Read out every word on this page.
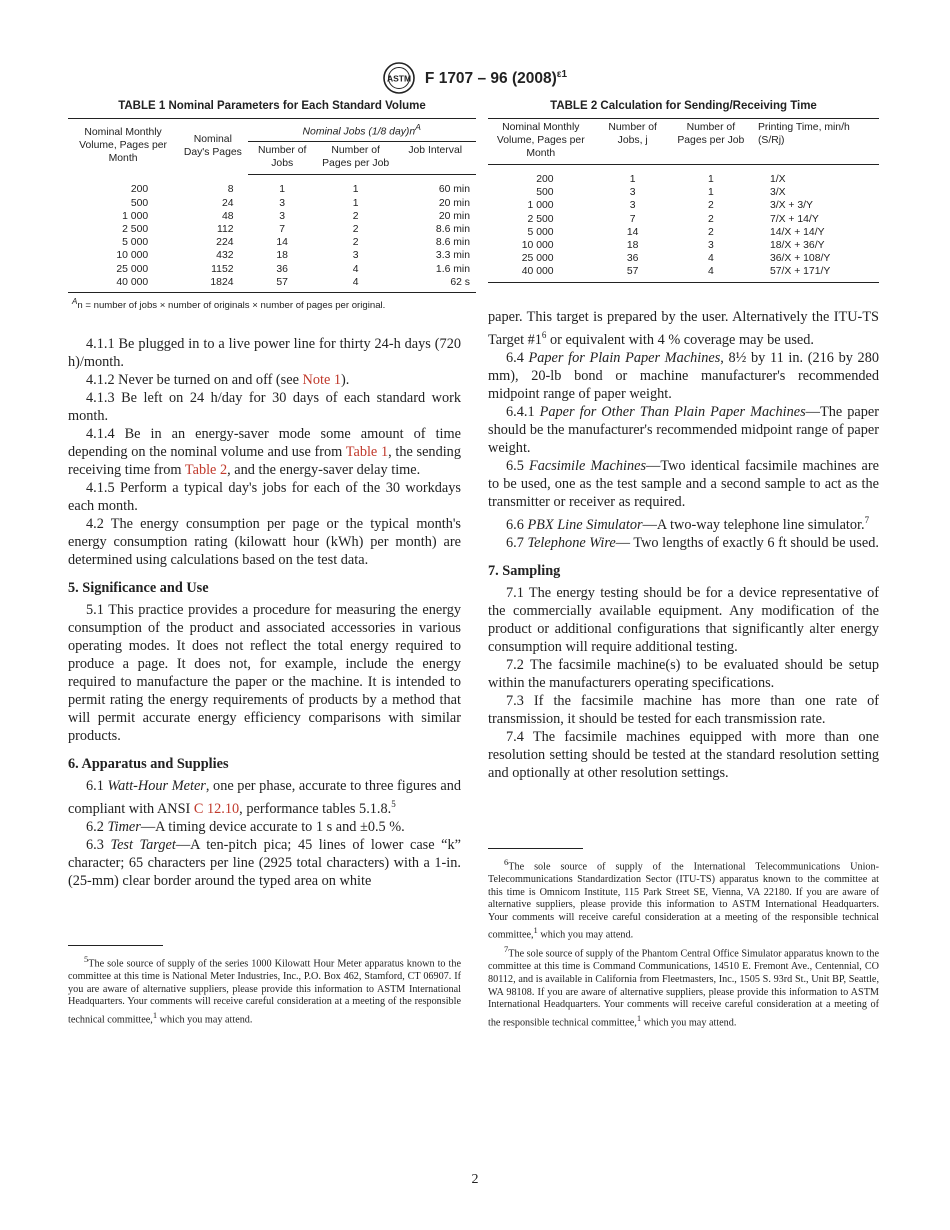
ASTM F 1707 – 96 $(2008)^{\varepsilon 1}$
TABLE 1 Nominal Parameters for Each Standard Volume
Nominal Monthly Volume, Pages per Month	Nominal Day's Pages	Nominal Jobs (1/8 $day)n^A$
		Number of Jobs	Number of Pages per Job	Job Interval
200	8	1	1	60 min
500	24	3	1	20 min
1 000	48	3	2	20 min
2 500	112	7	2	8.6 min
5 000	224	14	2	8.6 min
10 000	432	18	3	3.3 min
25 000	1152	36	4	1.6 min
40 000	1824	57	4	62 s
$^A$n = number of jobs × number of originals × number of pages per original.
TABLE 2 Calculation for Sending/Receiving Time
Nominal Monthly Volume, Pages per Month	Number of Jobs, j	Number of Pages per Job	Printing Time, min/h (S/Rj)
200	1	1	1/X
500	3	1	3/X
1 000	3	2	3/X + 3/Y
2 500	7	2	7/X + 14/Y
5 000	14	2	14/X + 14/Y
10 000	18	3	18/X + 36/Y
25 000	36	4	36/X + 108/Y
40 000	57	4	57/X + 171/Y

4.1.1 Be plugged in to a live power line for thirty 24-h days (720 h)/month.

4.1.2 Never be turned on and off (see Note 1).

4.1.3 Be left on 24 h/day for 30 days of each standard work month.

4.1.4 Be in an energy-saver mode some amount of time depending on the nominal volume and use from Table 1, the sending receiving time from Table 2, and the energy-saver delay time.

4.1.5 Perform a typical day's jobs for each of the 30 workdays each month.

4.2 The energy consumption per page or the typical month's energy consumption rating (kilowatt hour (kWh) per month) are determined using calculations based on the test data.

5. Significance and Use

5.1 This practice provides a procedure for measuring the energy consumption of the product and associated accessories in various operating modes. It does not reflect the total energy required to produce a page. It does not, for example, include the energy required to manufacture the paper or the machine. It is intended to permit rating the energy requirements of products by a method that will permit accurate energy efficiency comparisons with similar products.

6. Apparatus and Supplies

6.1 Watt-Hour Meter, one per phase, accurate to three figures and compliant with ANSI C 12.10, performance tables 5.1.8.$^5$

6.2 Timer—A timing device accurate to 1 s and ±0.5 %.

6.3 Test Target—A ten-pitch pica; 45 lines of lower case “k” character; 65 characters per line (2925 total characters) with a 1-in. (25-mm) clear border around the typed area on white

$^5$The sole source of supply of the series 1000 Kilowatt Hour Meter apparatus known to the committee at this time is National Meter Industries, Inc., P.O. Box 462, Stamford, CT 06907. If you are aware of alternative suppliers, please provide this information to ASTM International Headquarters. Your comments will receive careful consideration at a meeting of the responsible technical committee,$^1$ which you may attend.

paper. This target is prepared by the user. Alternatively the ITU-TS Target $\#1^6$ or equivalent with 4 % coverage may be used.

6.4 Paper for Plain Paper Machines, 8½ by 11 in. (216 by 280 mm), 20-lb bond or machine manufacturer's recommended midpoint range of paper weight.

6.4.1 Paper for Other Than Plain Paper Machines—The paper should be the manufacturer's recommended midpoint range of paper weight.

6.5 Facsimile Machines—Two identical facsimile machines are to be used, one as the test sample and a second sample to act as the transmitter or receiver as required.

6.6 PBX Line Simulator—A two-way telephone line simulator.$^7$

6.7 Telephone Wire— Two lengths of exactly 6 ft should be used.

7. Sampling

7.1 The energy testing should be for a device representative of the commercially available equipment. Any modification of the product or additional configurations that significantly alter energy consumption will require additional testing.

7.2 The facsimile machine(s) to be evaluated should be setup within the manufacturers operating specifications.

7.3 If the facsimile machine has more than one rate of transmission, it should be tested for each transmission rate.

7.4 The facsimile machines equipped with more than one resolution setting should be tested at the standard resolution setting and optionally at other resolution settings.

$^6$The sole source of supply of the International Telecommunications Union-Telecommunications Standardization Sector (ITU-TS) apparatus known to the committee at this time is Omnicom Institute, 115 Park Street SE, Vienna, VA 22180. If you are aware of alternative suppliers, please provide this information to ASTM International Headquarters. Your comments will receive careful consideration at a meeting of the responsible technical committee,$^1$ which you may attend.

$^7$The sole source of supply of the Phantom Central Office Simulator apparatus known to the committee at this time is Command Communications, 14510 E. Fremont Ave., Centennial, CO 80112, and is available in California from Fleetmasters, Inc., 1505 S. 93rd St., Unit BP, Seattle, WA 98108. If you are aware of alternative suppliers, please provide this information to ASTM International Headquarters. Your comments will receive careful consideration at a meeting of the responsible technical committee,$^1$ which you may attend.

2
